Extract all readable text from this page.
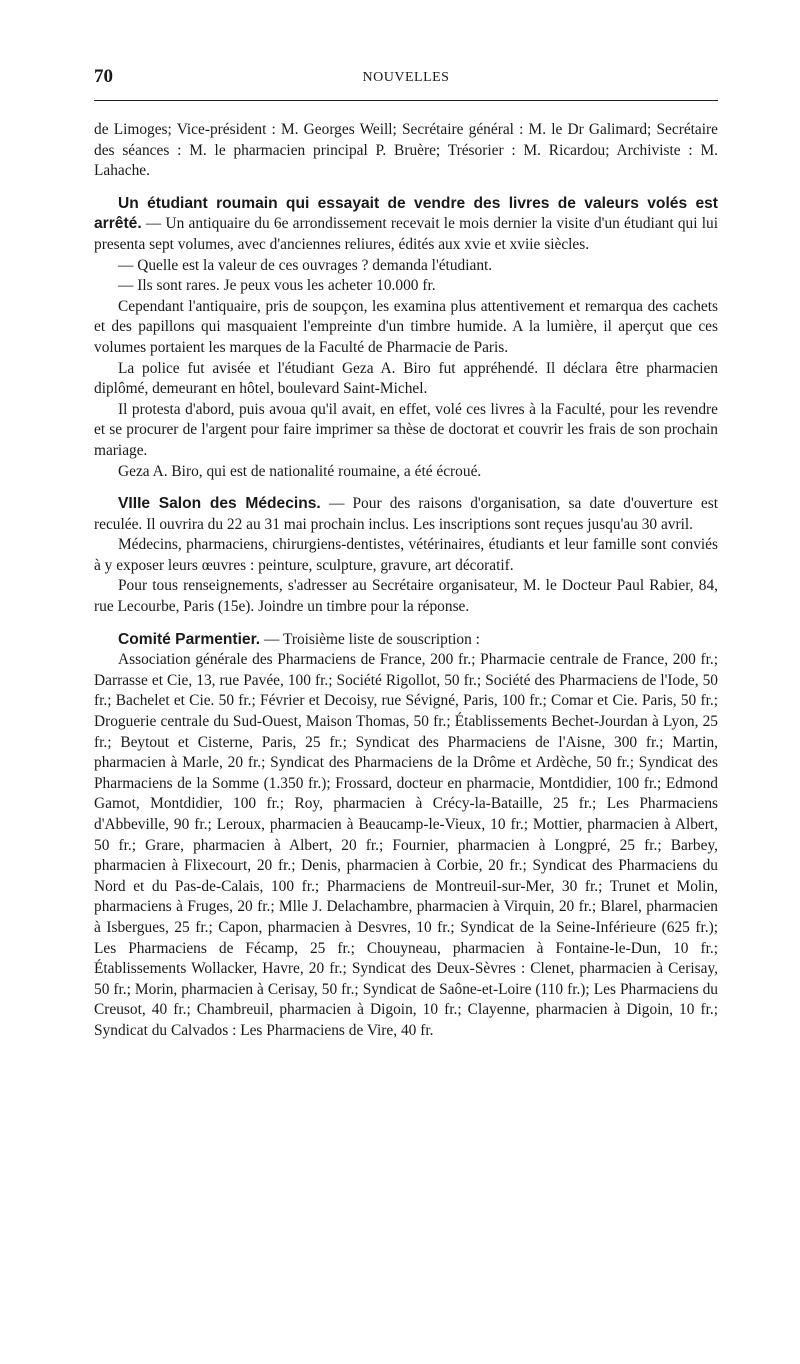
70	NOUVELLES

de Limoges; Vice-président : M. Georges Weill; Secrétaire général : M. le Dr Galimard; Secrétaire des séances : M. le pharmacien principal P. Bruère; Trésorier : M. Ricardou; Archiviste : M. Lahache.

Un étudiant roumain qui essayait de vendre des livres de valeurs volés est arrêté. — Un antiquaire du 6e arrondissement recevait le mois dernier la visite d'un étudiant qui lui presenta sept volumes, avec d'anciennes reliures, édités aux xvie et xviie siècles.

— Quelle est la valeur de ces ouvrages ? demanda l'étudiant.

— Ils sont rares. Je peux vous les acheter 10.000 fr.

Cependant l'antiquaire, pris de soupçon, les examina plus attentivement et remarqua des cachets et des papillons qui masquaient l'empreinte d'un timbre humide. A la lumière, il aperçut que ces volumes portaient les marques de la Faculté de Pharmacie de Paris.

La police fut avisée et l'étudiant Geza A. Biro fut appréhendé. Il déclara être pharmacien diplômé, demeurant en hôtel, boulevard Saint-Michel.

Il protesta d'abord, puis avoua qu'il avait, en effet, volé ces livres à la Faculté, pour les revendre et se procurer de l'argent pour faire imprimer sa thèse de doctorat et couvrir les frais de son prochain mariage.

Geza A. Biro, qui est de nationalité roumaine, a été écroué.

VIIIe Salon des Médecins. — Pour des raisons d'organisation, sa date d'ouverture est reculée. Il ouvrira du 22 au 31 mai prochain inclus. Les inscriptions sont reçues jusqu'au 30 avril.

Médecins, pharmaciens, chirurgiens-dentistes, vétérinaires, étudiants et leur famille sont conviés à y exposer leurs œuvres : peinture, sculpture, gravure, art décoratif.

Pour tous renseignements, s'adresser au Secrétaire organisateur, M. le Docteur Paul Rabier, 84, rue Lecourbe, Paris (15e). Joindre un timbre pour la réponse.

Comité Parmentier. — Troisième liste de souscription :

Association générale des Pharmaciens de France, 200 fr.; Pharmacie centrale de France, 200 fr.; Darrasse et Cie, 13, rue Pavée, 100 fr.; Société Rigollot, 50 fr.; Société des Pharmaciens de l'Iode, 50 fr.; Bachelet et Cie. 50 fr.; Février et Decoisy, rue Sévigné, Paris, 100 fr.; Comar et Cie. Paris, 50 fr.; Droguerie centrale du Sud-Ouest, Maison Thomas, 50 fr.; Établissements Bechet-Jourdan à Lyon, 25 fr.; Beytout et Cisterne, Paris, 25 fr.; Syndicat des Pharmaciens de l'Aisne, 300 fr.; Martin, pharmacien à Marle, 20 fr.; Syndicat des Pharmaciens de la Drôme et Ardèche, 50 fr.; Syndicat des Pharmaciens de la Somme (1.350 fr.); Frossard, docteur en pharmacie, Montdidier, 100 fr.; Edmond Gamot, Montdidier, 100 fr.; Roy, pharmacien à Crécy-la-Bataille, 25 fr.; Les Pharmaciens d'Abbeville, 90 fr.; Leroux, pharmacien à Beaucamp-le-Vieux, 10 fr.; Mottier, pharmacien à Albert, 50 fr.; Grare, pharmacien à Albert, 20 fr.; Fournier, pharmacien à Longpré, 25 fr.; Barbey, pharmacien à Flixecourt, 20 fr.; Denis, pharmacien à Corbie, 20 fr.; Syndicat des Pharmaciens du Nord et du Pas-de-Calais, 100 fr.; Pharmaciens de Montreuil-sur-Mer, 30 fr.; Trunet et Molin, pharmaciens à Fruges, 20 fr.; Mlle J. Delachambre, pharmacien à Virquin, 20 fr.; Blarel, pharmacien à Isbergues, 25 fr.; Capon, pharmacien à Desvres, 10 fr.; Syndicat de la Seine-Inférieure (625 fr.); Les Pharmaciens de Fécamp, 25 fr.; Chouyneau, pharmacien à Fontaine-le-Dun, 10 fr.; Établissements Wollacker, Havre, 20 fr.; Syndicat des Deux-Sèvres : Clenet, pharmacien à Cerisay, 50 fr.; Morin, pharmacien à Cerisay, 50 fr.; Syndicat de Saône-et-Loire (110 fr.); Les Pharmaciens du Creusot, 40 fr.; Chambreuil, pharmacien à Digoin, 10 fr.; Clayenne, pharmacien à Digoin, 10 fr.; Syndicat du Calvados : Les Pharmaciens de Vire, 40 fr.
